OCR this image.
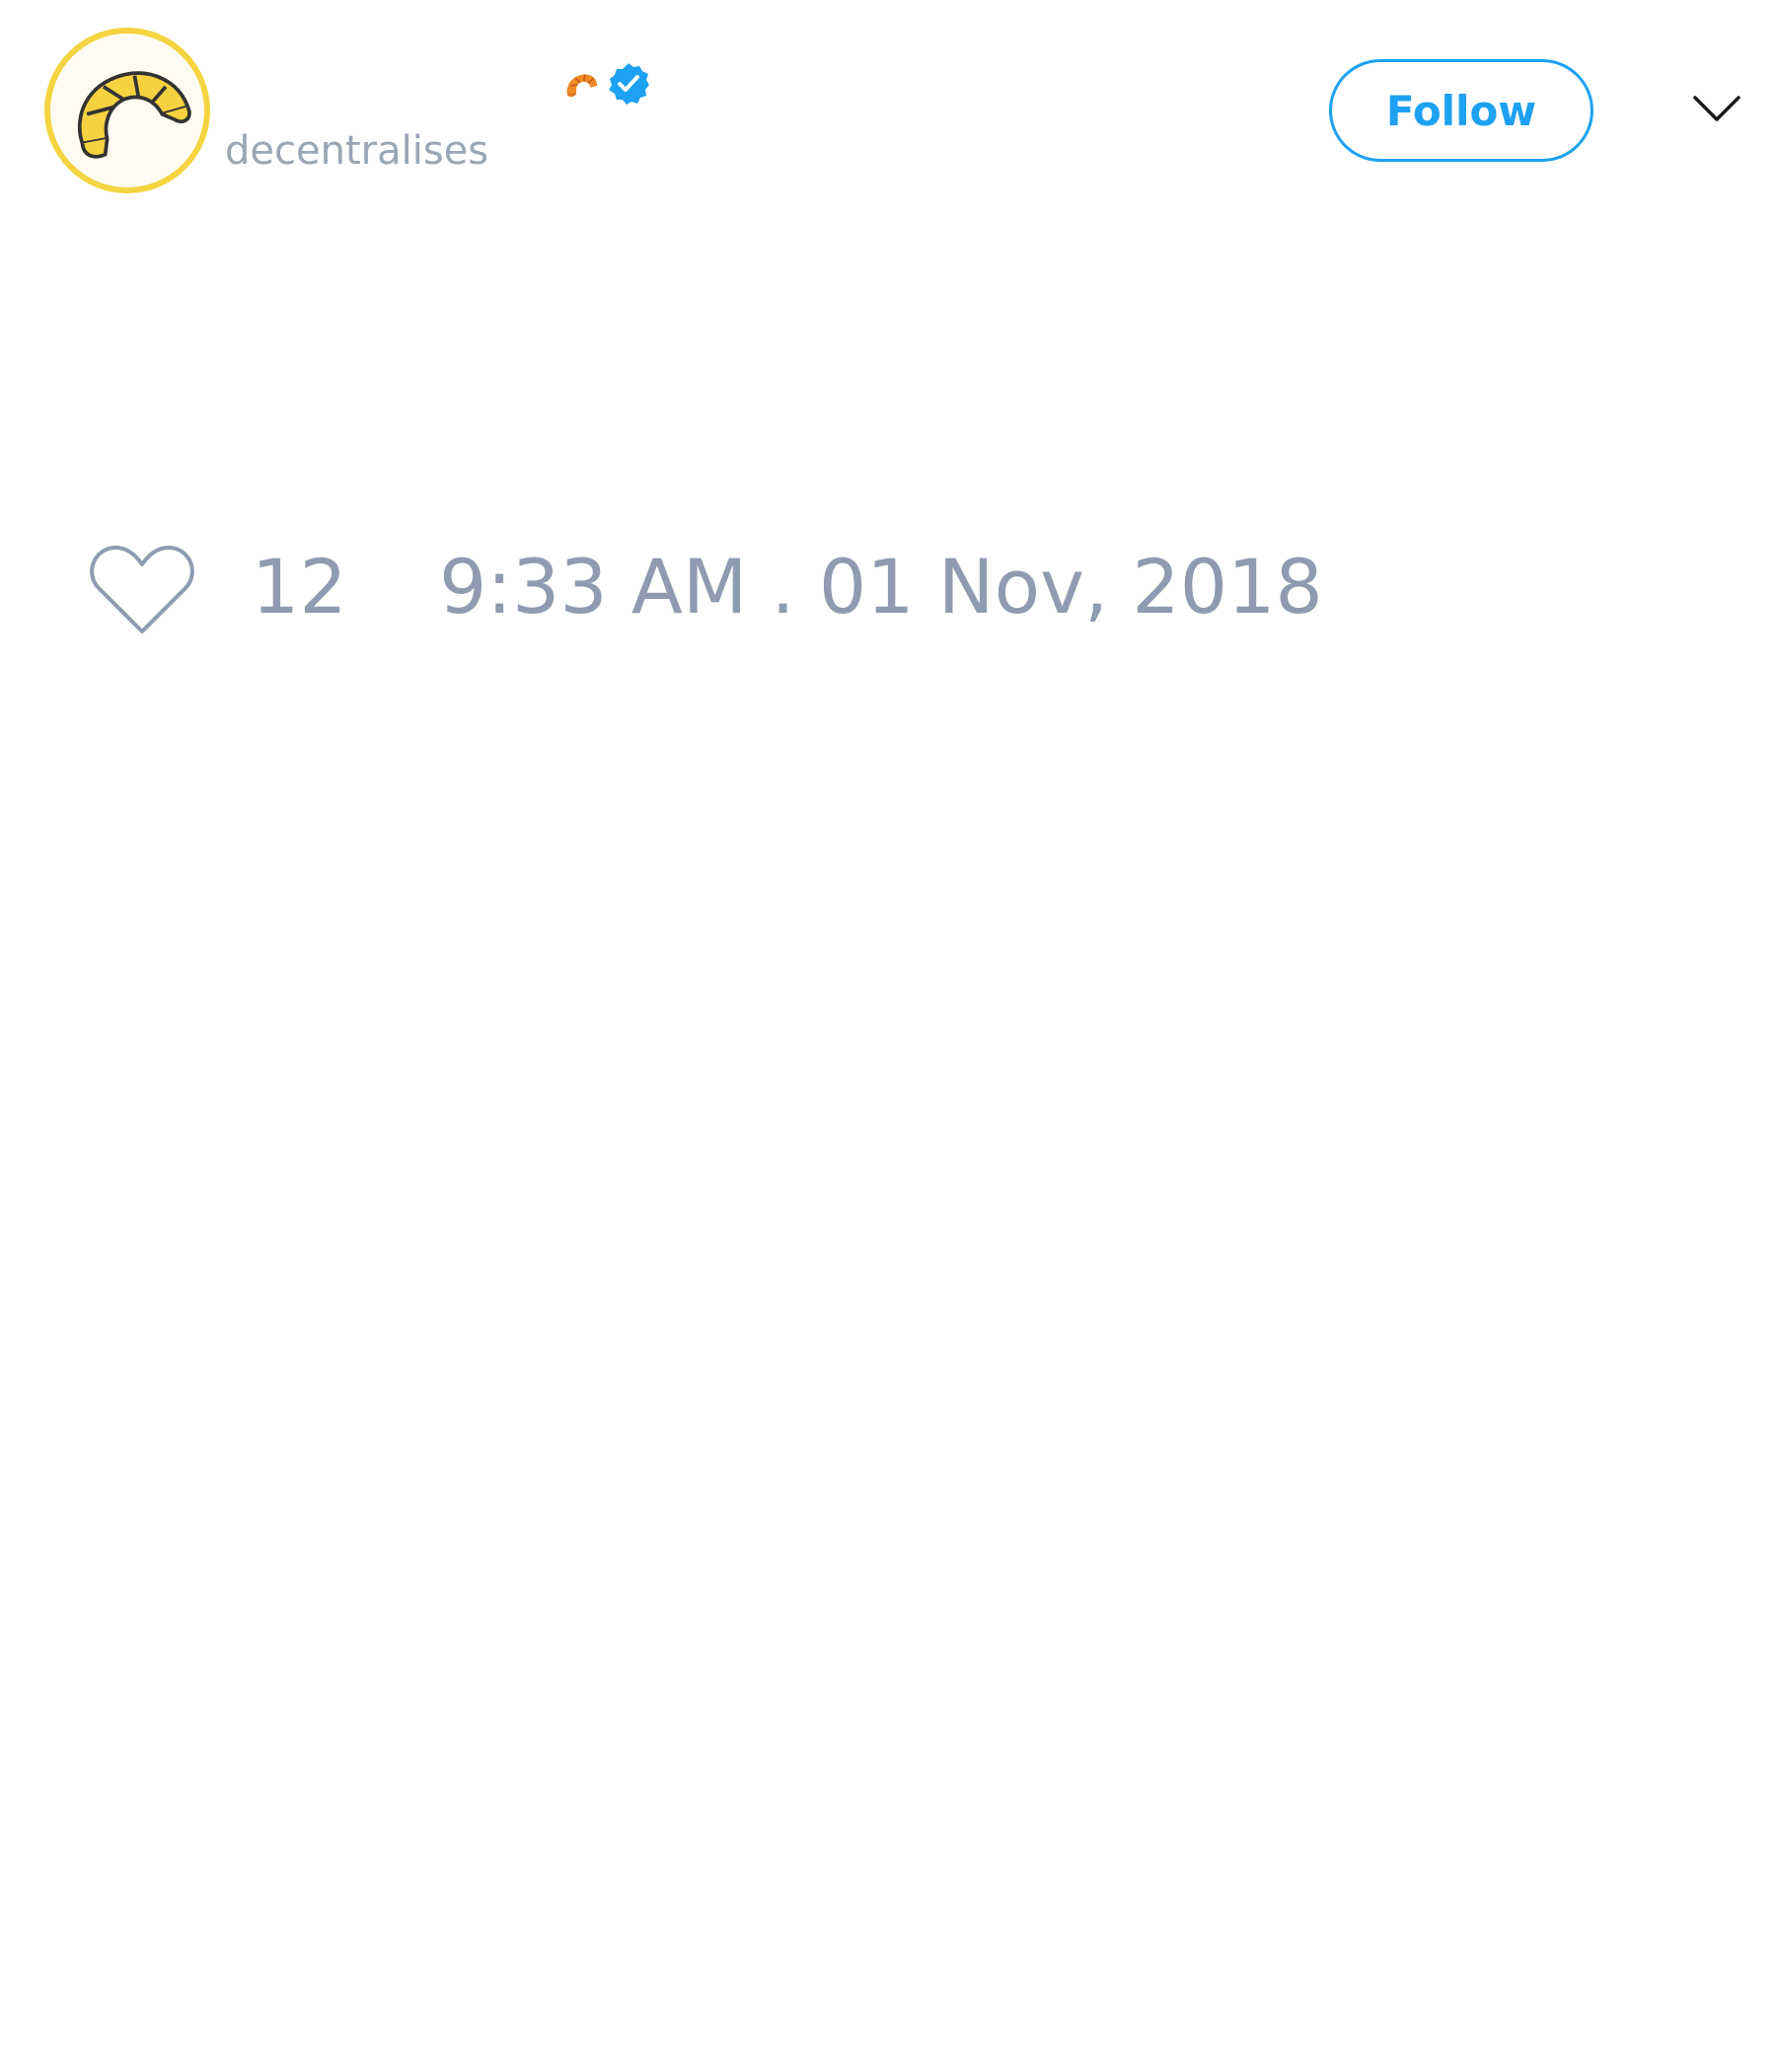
decentralises
Follow
12 9:33 AM . 01 Nov, 2018
